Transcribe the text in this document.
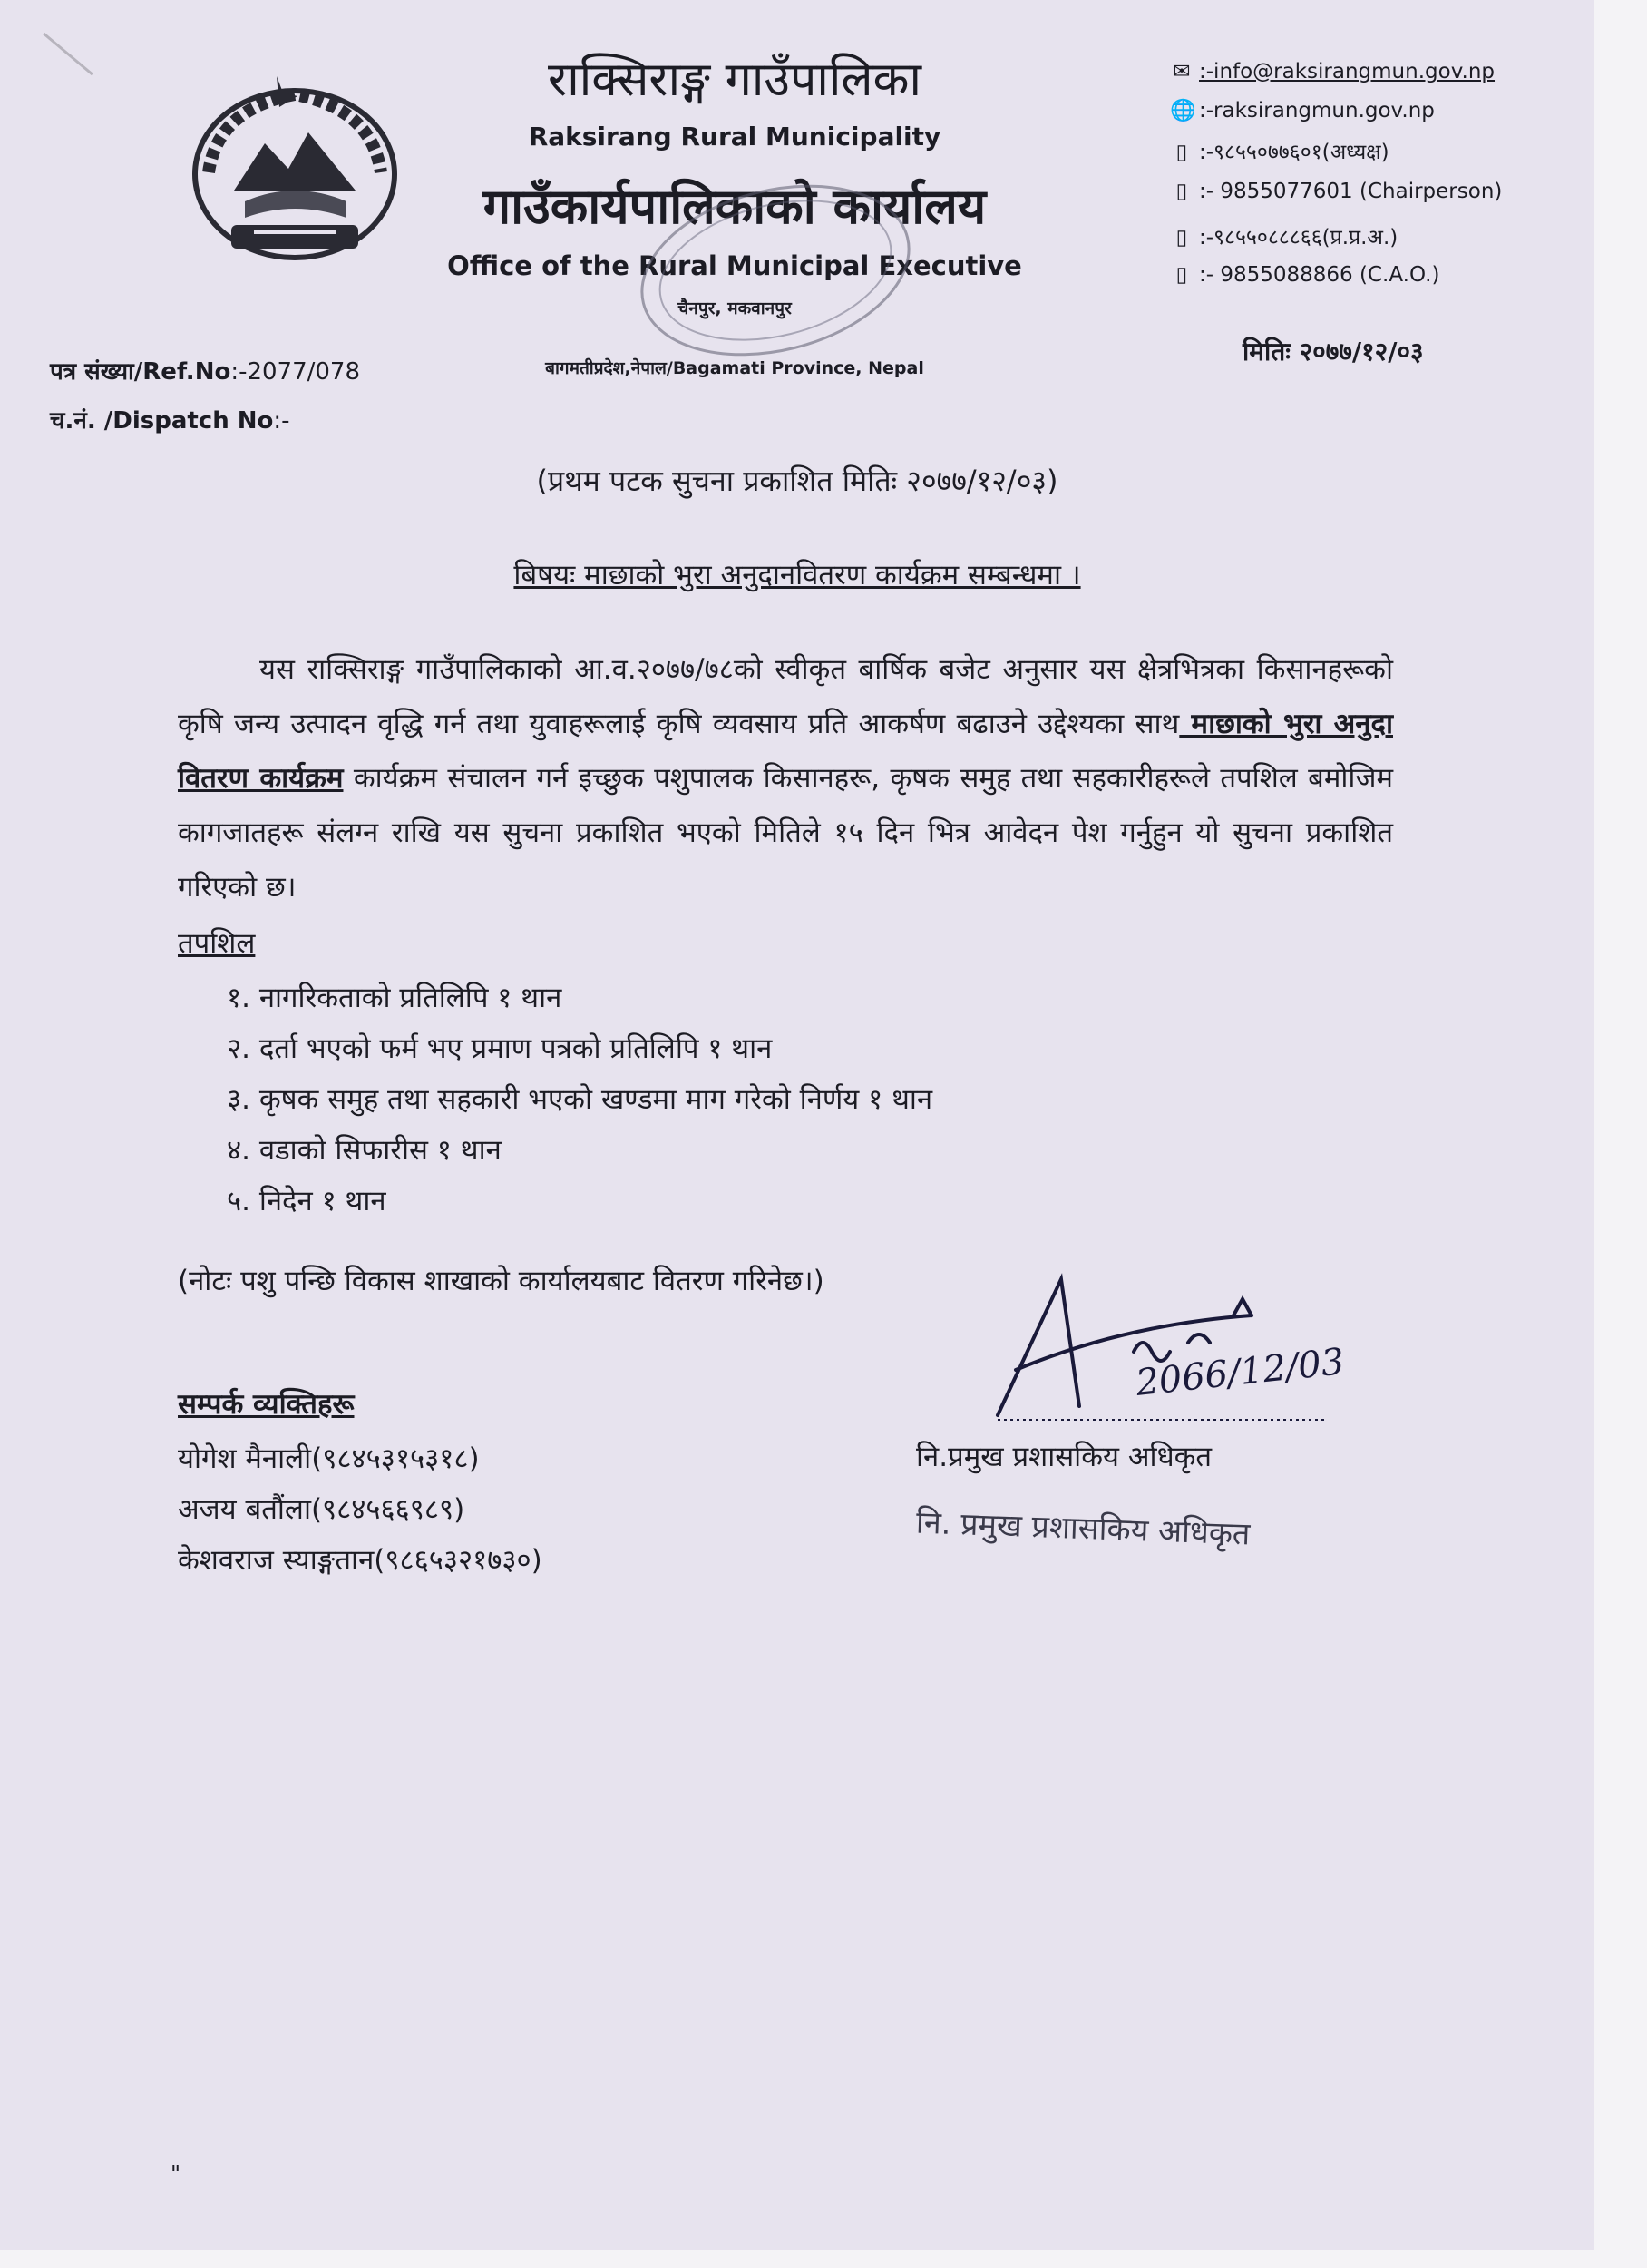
राक्सिराङ्ग गाउँपालिका
Raksirang Rural Municipality
गाउँकार्यपालिकाको कार्यालय
Office of the Rural Municipal Executive
चैनपुर, मकवानपुर
बागमतीप्रदेश,नेपाल/Bagamati Province, Nepal
✉ :-info@raksirangmun.gov.np
🌐 :-raksirangmun.gov.np
▯ :-९८५५०७७६०१(अध्यक्ष)
▯ :- 9855077601 (Chairperson)
▯ :-९८५५०८८८६६(प्र.प्र.अ.)
▯ :- 9855088866 (C.A.O.)
मितिः २०७७/१२/०३
पत्र संख्या/Ref.No:-2077/078
च.नं. /Dispatch No:-
(प्रथम पटक सुचना प्रकाशित मितिः २०७७/१२/०३)
बिषयः माछाको भुरा अनुदानवितरण कार्यक्रम सम्बन्धमा ।
यस राक्सिराङ्ग गाउँपालिकाको आ.व.२०७७/७८को स्वीकृत बार्षिक बजेट अनुसार यस क्षेत्रभित्रका किसानहरूको कृषि जन्य उत्पादन वृद्धि गर्न तथा युवाहरूलाई कृषि व्यवसाय प्रति आकर्षण बढाउने उद्देश्यका साथ माछाको भुरा अनुदा वितरण कार्यक्रम कार्यक्रम संचालन गर्न इच्छुक पशुपालक किसानहरू, कृषक समुह तथा सहकारीहरूले तपशिल बमोजिम कागजातहरू संलग्न राखि यस सुचना प्रकाशित भएको मितिले १५ दिन भित्र आवेदन पेश गर्नुहुन यो सुचना प्रकाशित गरिएको छ।
तपशिल
१. नागरिकताको प्रतिलिपि १ थान
२. दर्ता भएको फर्म भए प्रमाण पत्रको प्रतिलिपि १ थान
३. कृषक समुह तथा सहकारी भएको खण्डमा माग गरेको निर्णय १ थान
४. वडाको सिफारीस १ थान
५. निदेन १ थान
(नोटः पशु पन्छि विकास शाखाको कार्यालयबाट वितरण गरिनेछ।)
सम्पर्क व्यक्तिहरू
योगेश मैनाली(९८४५३१५३१८)
अजय बतौंला(९८४५६६९८९)
केशवराज स्याङ्गतान(९८६५३२१७३०)
2066/12/03
नि.प्रमुख प्रशासकिय अधिकृत
नि. प्रमुख प्रशासकिय अधिकृत
"
